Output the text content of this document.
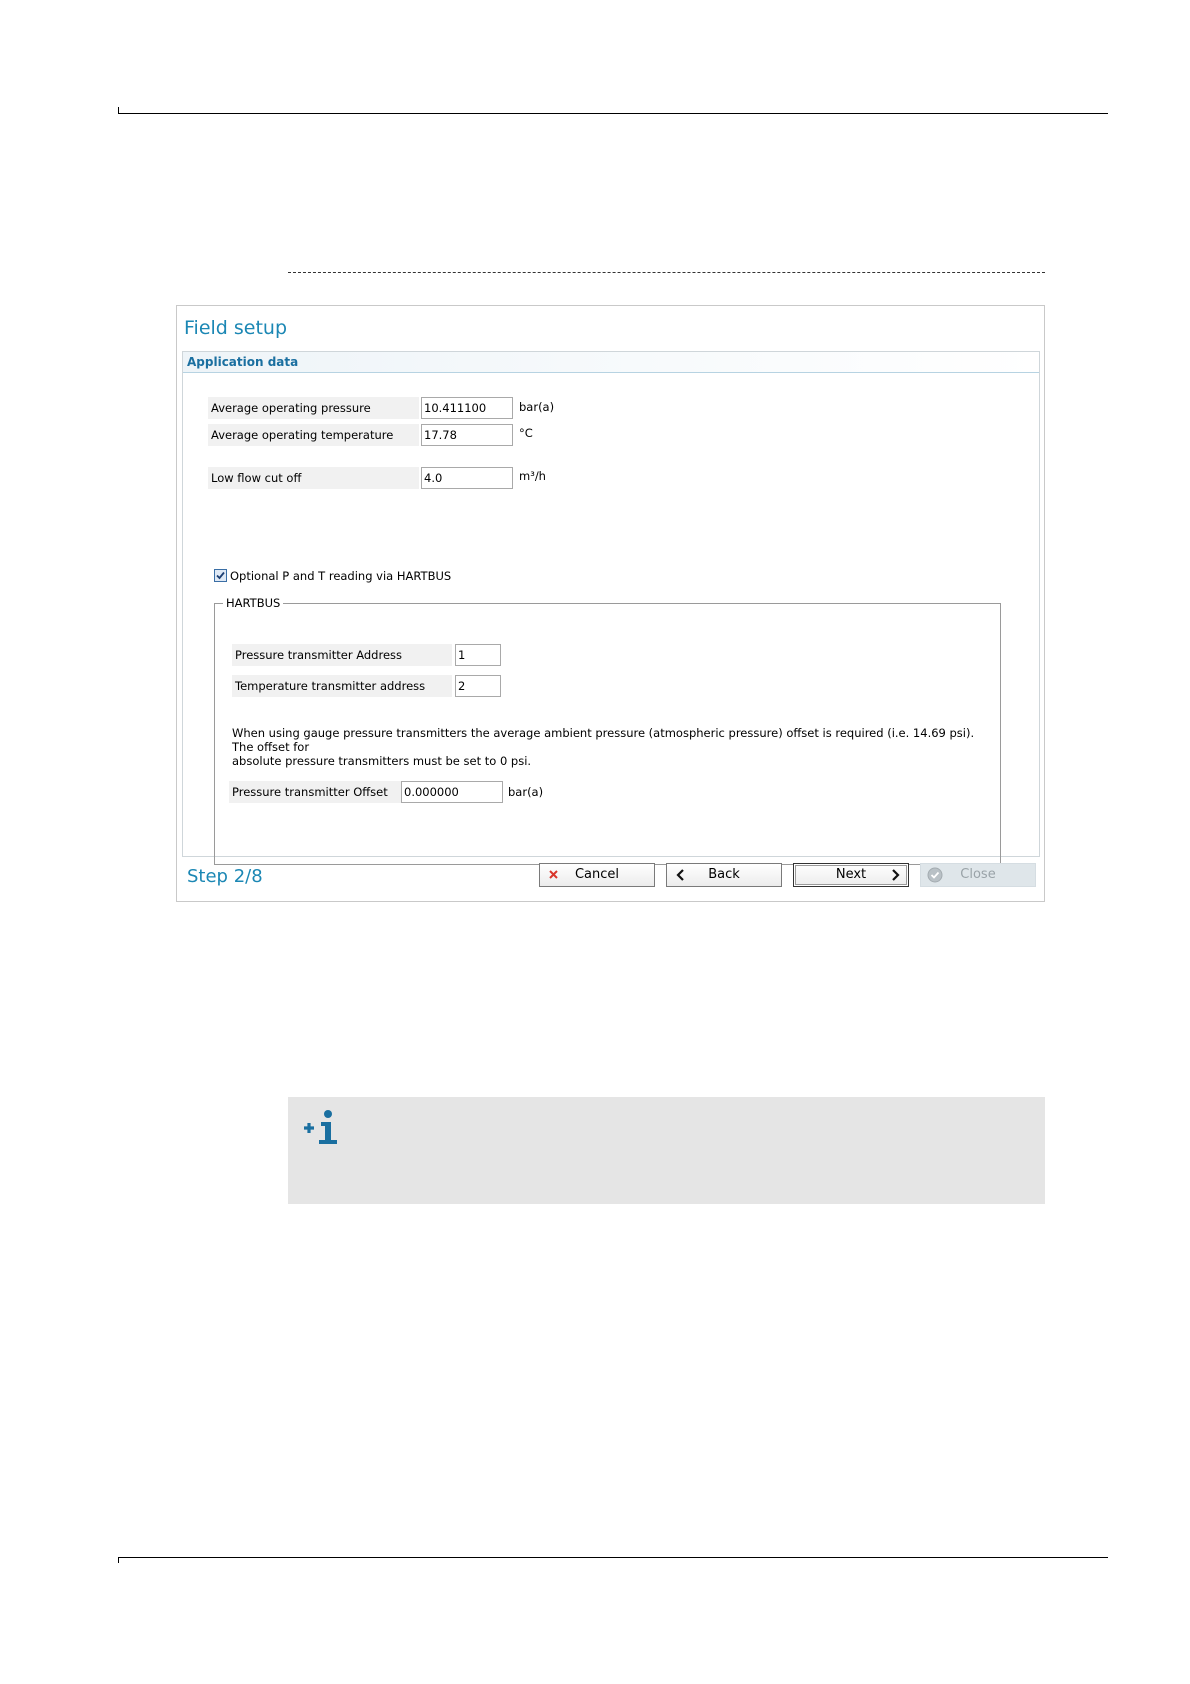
Field setup
Application data
Average operating pressure	10.411100	bar(a)
Average operating temperature	17.78	°C
Low flow cut off	4.0	m³/h
Optional P and T reading via HARTBUS
HARTBUS
Pressure transmitter Address	1
Temperature transmitter address	2
When using gauge pressure transmitters the average ambient pressure (atmospheric pressure) offset is required (i.e. 14.69 psi). The offset for
absolute pressure transmitters must be set to 0 psi.
Pressure transmitter Offset	0.000000	bar(a)
Step 2/8	Cancel	Back	Next	Close
